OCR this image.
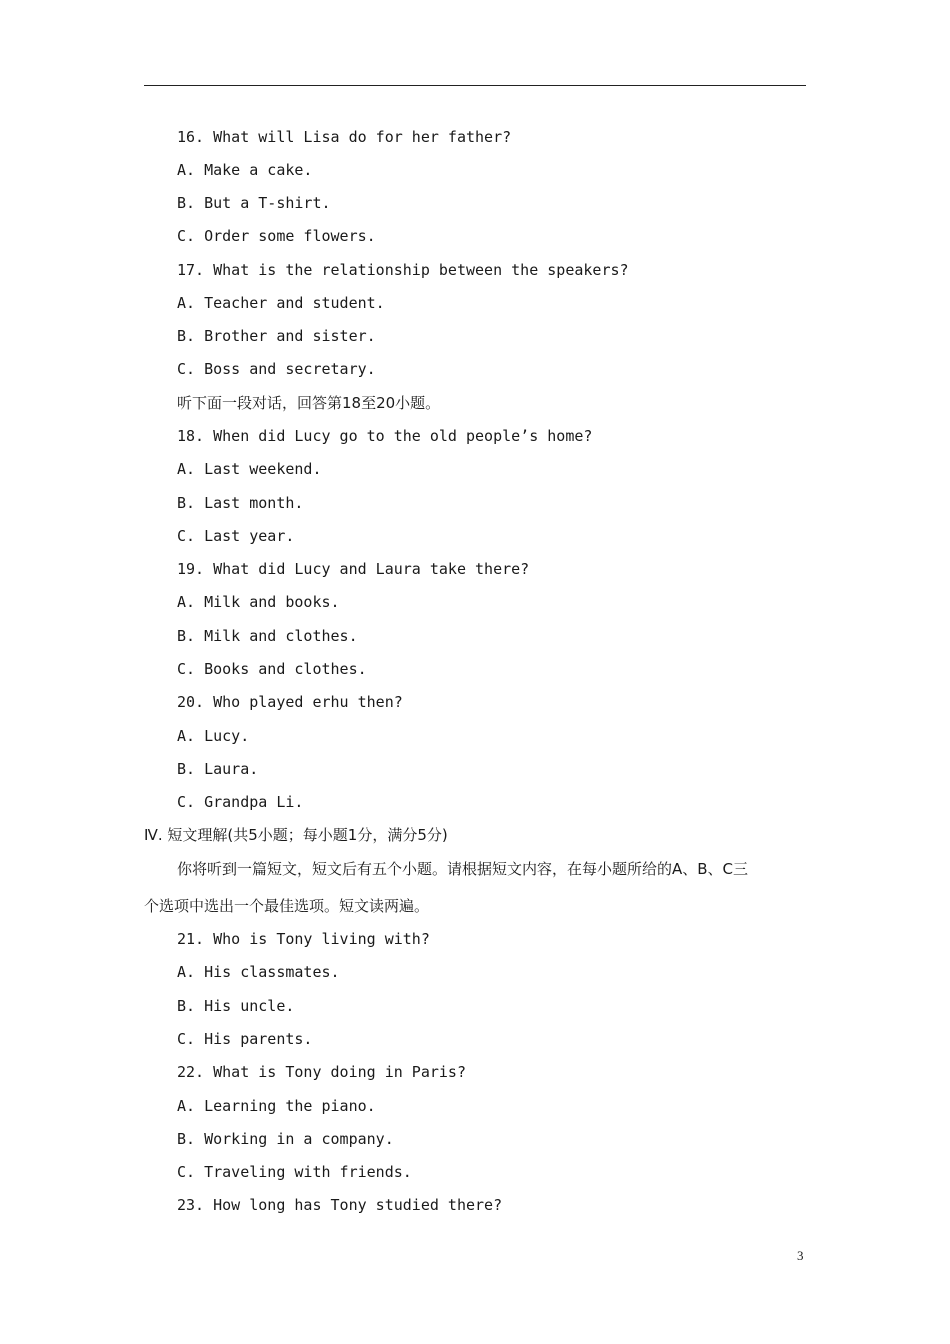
16. What will Lisa do for her father?
A. Make a cake.
B. But a T-shirt.
C. Order some flowers.
17. What is the relationship between the speakers?
A. Teacher and student.
B. Brother and sister.
C. Boss and secretary.
听下面一段对话，回答第18至20小题。
18. When did Lucy go to the old people’s home?
A. Last weekend.
B. Last month.
C. Last year.
19. What did Lucy and Laura take there?
A. Milk and books.
B. Milk and clothes.
C. Books and clothes.
20. Who played erhu then?
A. Lucy.
B. Laura.
C. Grandpa Li.
Ⅳ. 短文理解(共5小题；每小题1分，满分5分)
你将听到一篇短文，短文后有五个小题。请根据短文内容，在每小题所给的A、B、C三
个选项中选出一个最佳选项。短文读两遍。
21. Who is Tony living with?
A. His classmates.
B. His uncle.
C. His parents.
22. What is Tony doing in Paris?
A. Learning the piano.
B. Working in a company.
C. Traveling with friends.
23. How long has Tony studied there?
3
